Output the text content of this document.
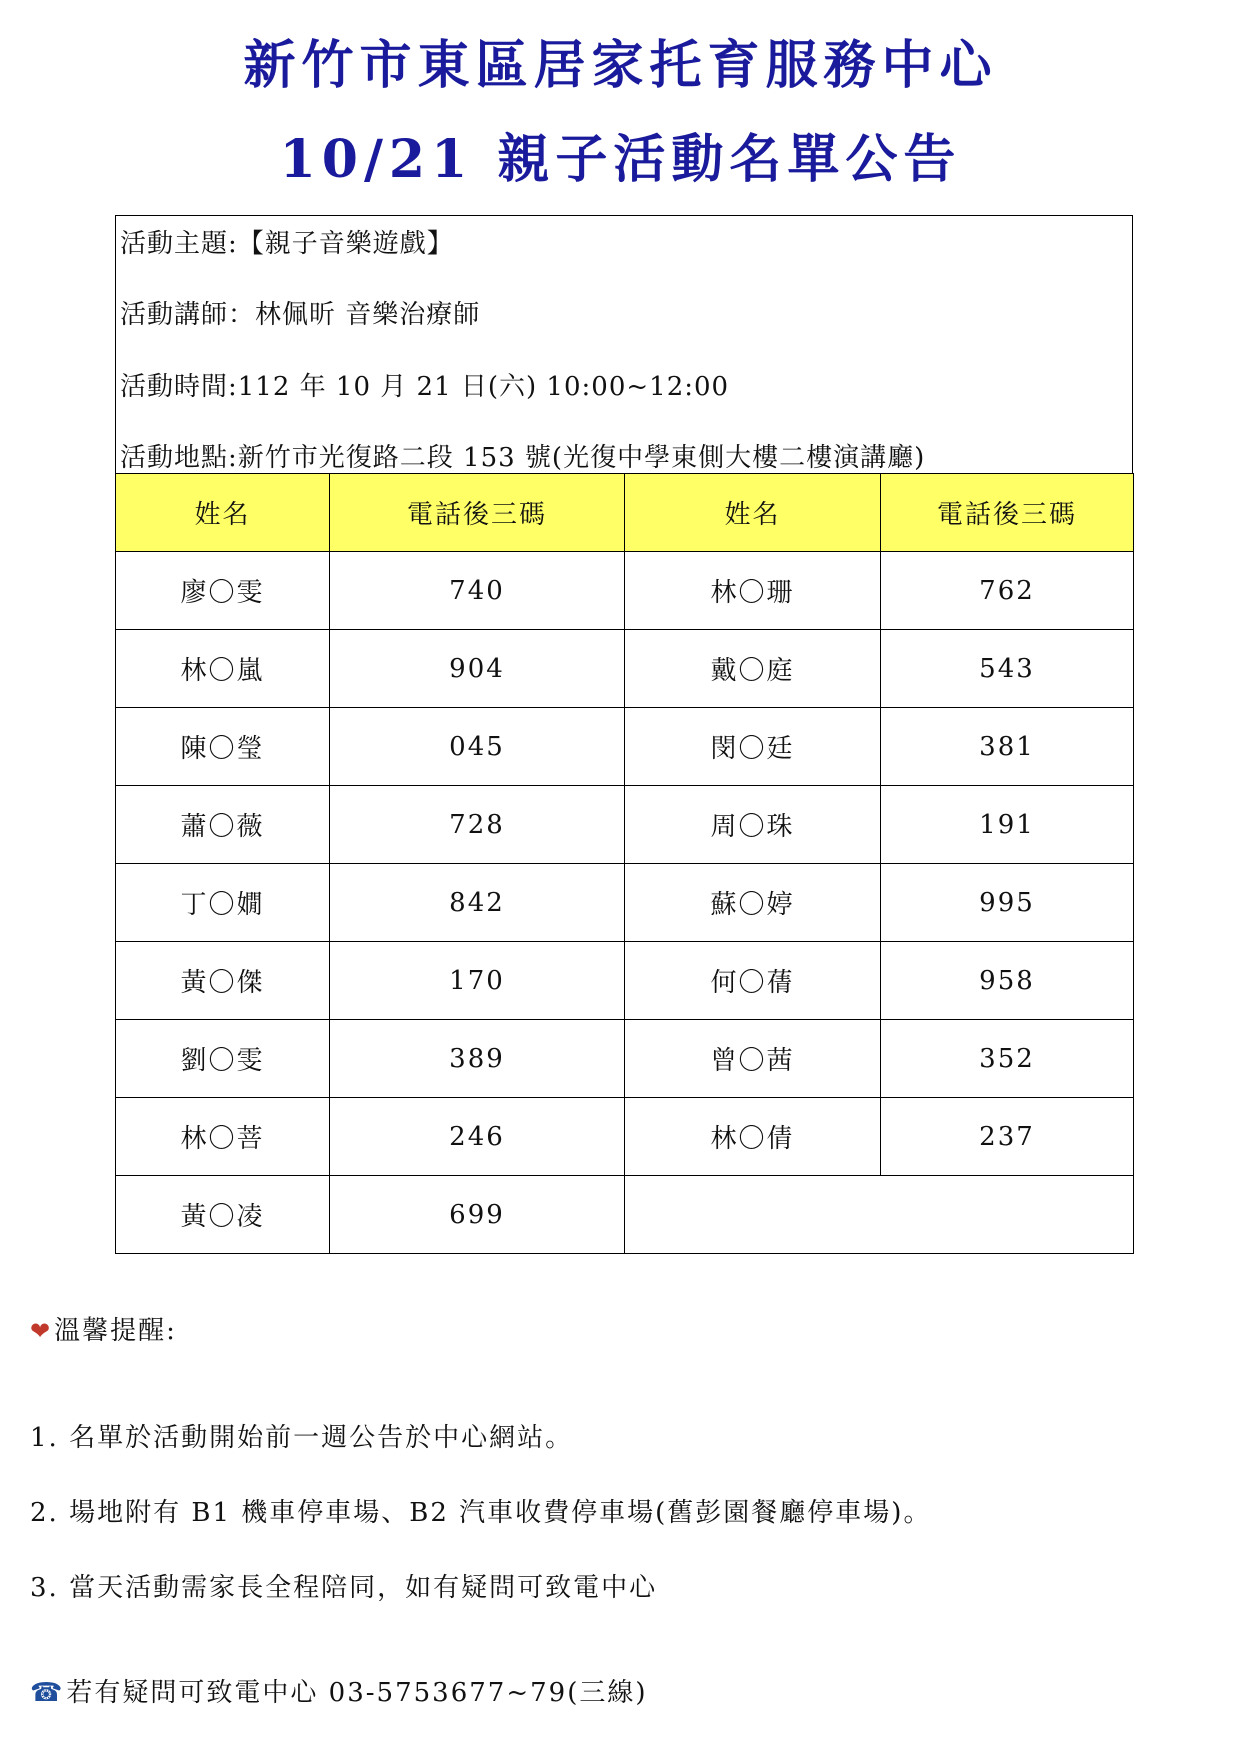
新竹市東區居家托育服務中心
10/21 親子活動名單公告
活動主題:【親子音樂遊戲】
活動講師：林佩昕 音樂治療師
活動時間:112 年 10 月 21 日(六) 10:00~12:00
活動地點:新竹市光復路二段 153 號(光復中學東側大樓二樓演講廳)
姓名	電話後三碼	姓名	電話後三碼
廖〇雯	740	林〇珊	762
林〇嵐	904	戴〇庭	543
陳〇瑩	045	閔〇廷	381
蕭〇薇	728	周〇珠	191
丁〇嫺	842	蘇〇婷	995
黃〇傑	170	何〇蒨	958
劉〇雯	389	曾〇茜	352
林〇菩	246	林〇倩	237
黃〇凌	699		
❤溫馨提醒:
1. 名單於活動開始前一週公告於中心網站。
2. 場地附有 B1 機車停車場、B2 汽車收費停車場(舊彭園餐廳停車場)。
3. 當天活動需家長全程陪同，如有疑問可致電中心
☎若有疑問可致電中心 03-5753677~79(三線)
